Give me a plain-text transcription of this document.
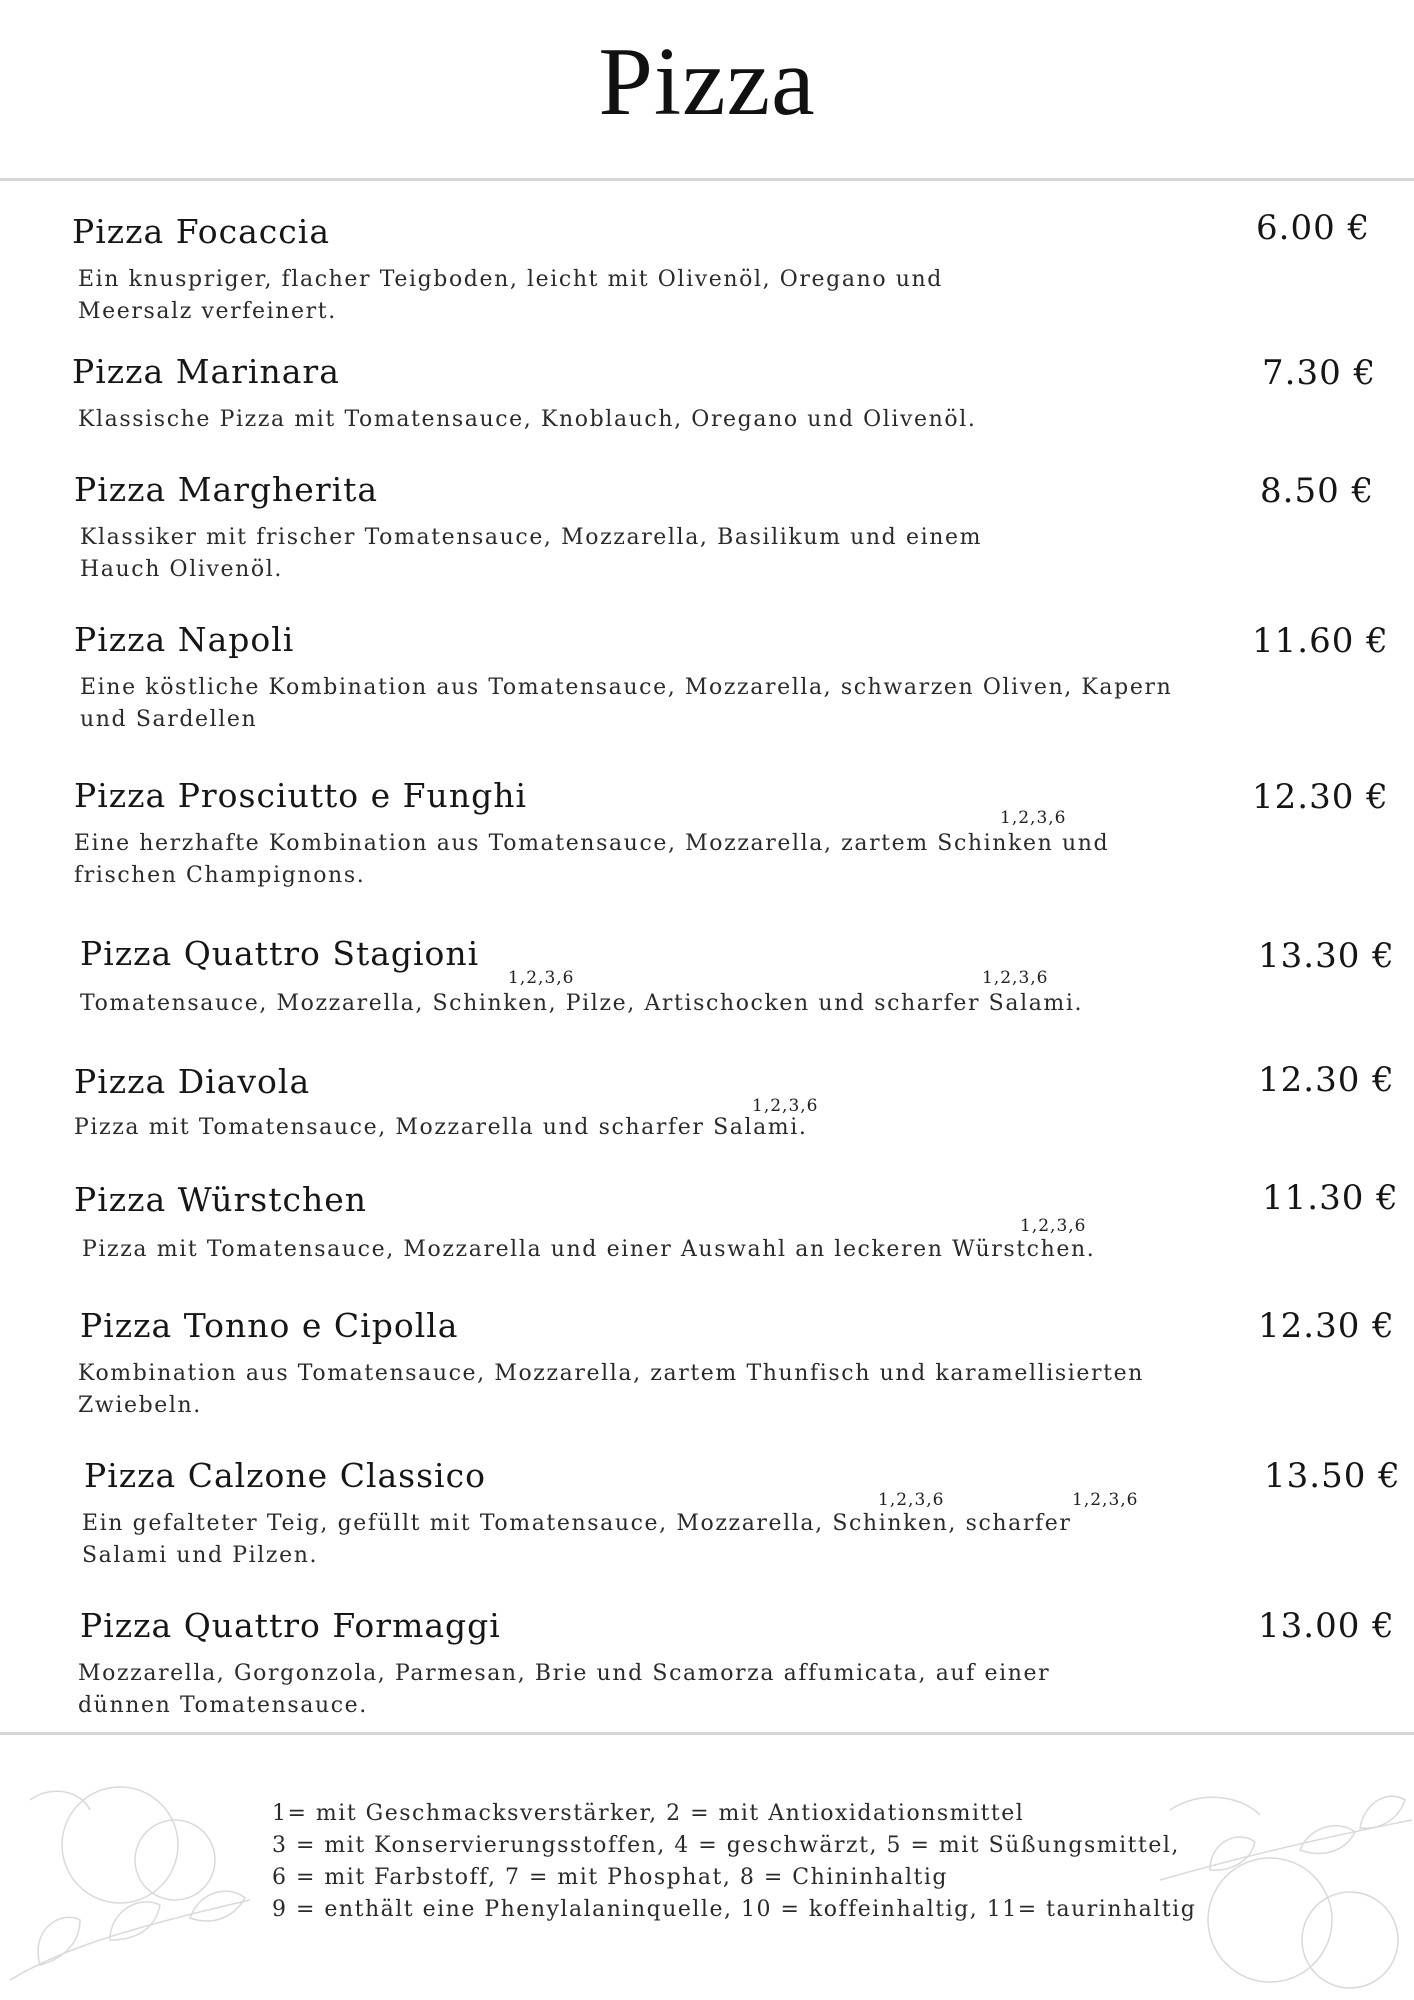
Pizza
Pizza Focaccia
Ein knuspriger, flacher Teigboden, leicht mit Olivenöl, Oregano und Meersalz verfeinert.
6.00 €
Pizza Marinara
Klassische Pizza mit Tomatensauce, Knoblauch, Oregano und Olivenöl.
7.30 €
Pizza Margherita
Klassiker mit frischer Tomatensauce, Mozzarella, Basilikum und einem Hauch Olivenöl.
8.50 €
Pizza Napoli
Eine köstliche Kombination aus Tomatensauce, Mozzarella, schwarzen Oliven, Kapern und Sardellen
11.60 €
Pizza Prosciutto e Funghi
1,2,3,6
Eine herzhafte Kombination aus Tomatensauce, Mozzarella, zartem Schinken und frischen Champignons.
12.30 €
Pizza Quattro Stagioni
1,2,3,6	1,2,3,6
Tomatensauce, Mozzarella, Schinken, Pilze, Artischocken und scharfer Salami.
13.30 €
Pizza Diavola
1,2,3,6
Pizza mit Tomatensauce, Mozzarella und scharfer Salami.
12.30 €
Pizza Würstchen
1,2,3,6
Pizza mit Tomatensauce, Mozzarella und einer Auswahl an leckeren Würstchen.
11.30 €
Pizza Tonno e Cipolla
Kombination aus Tomatensauce, Mozzarella, zartem Thunfisch und karamellisierten Zwiebeln.
12.30 €
Pizza Calzone Classico
1,2,3,6	1,2,3,6
Ein gefalteter Teig, gefüllt mit Tomatensauce, Mozzarella, Schinken, scharfer Salami und Pilzen.
13.50 €
Pizza Quattro Formaggi
Mozzarella, Gorgonzola, Parmesan, Brie und Scamorza affumicata, auf einer dünnen Tomatensauce.
13.00 €
1= mit Geschmacksverstärker, 2 = mit Antioxidationsmittel
3 = mit Konservierungsstoffen, 4 = geschwärzt, 5 = mit Süßungsmittel,
6 = mit Farbstoff, 7 = mit Phosphat, 8 = Chininhaltig
9 = enthält eine Phenylalaninquelle, 10 = koffeinhaltig, 11= taurinhaltig
